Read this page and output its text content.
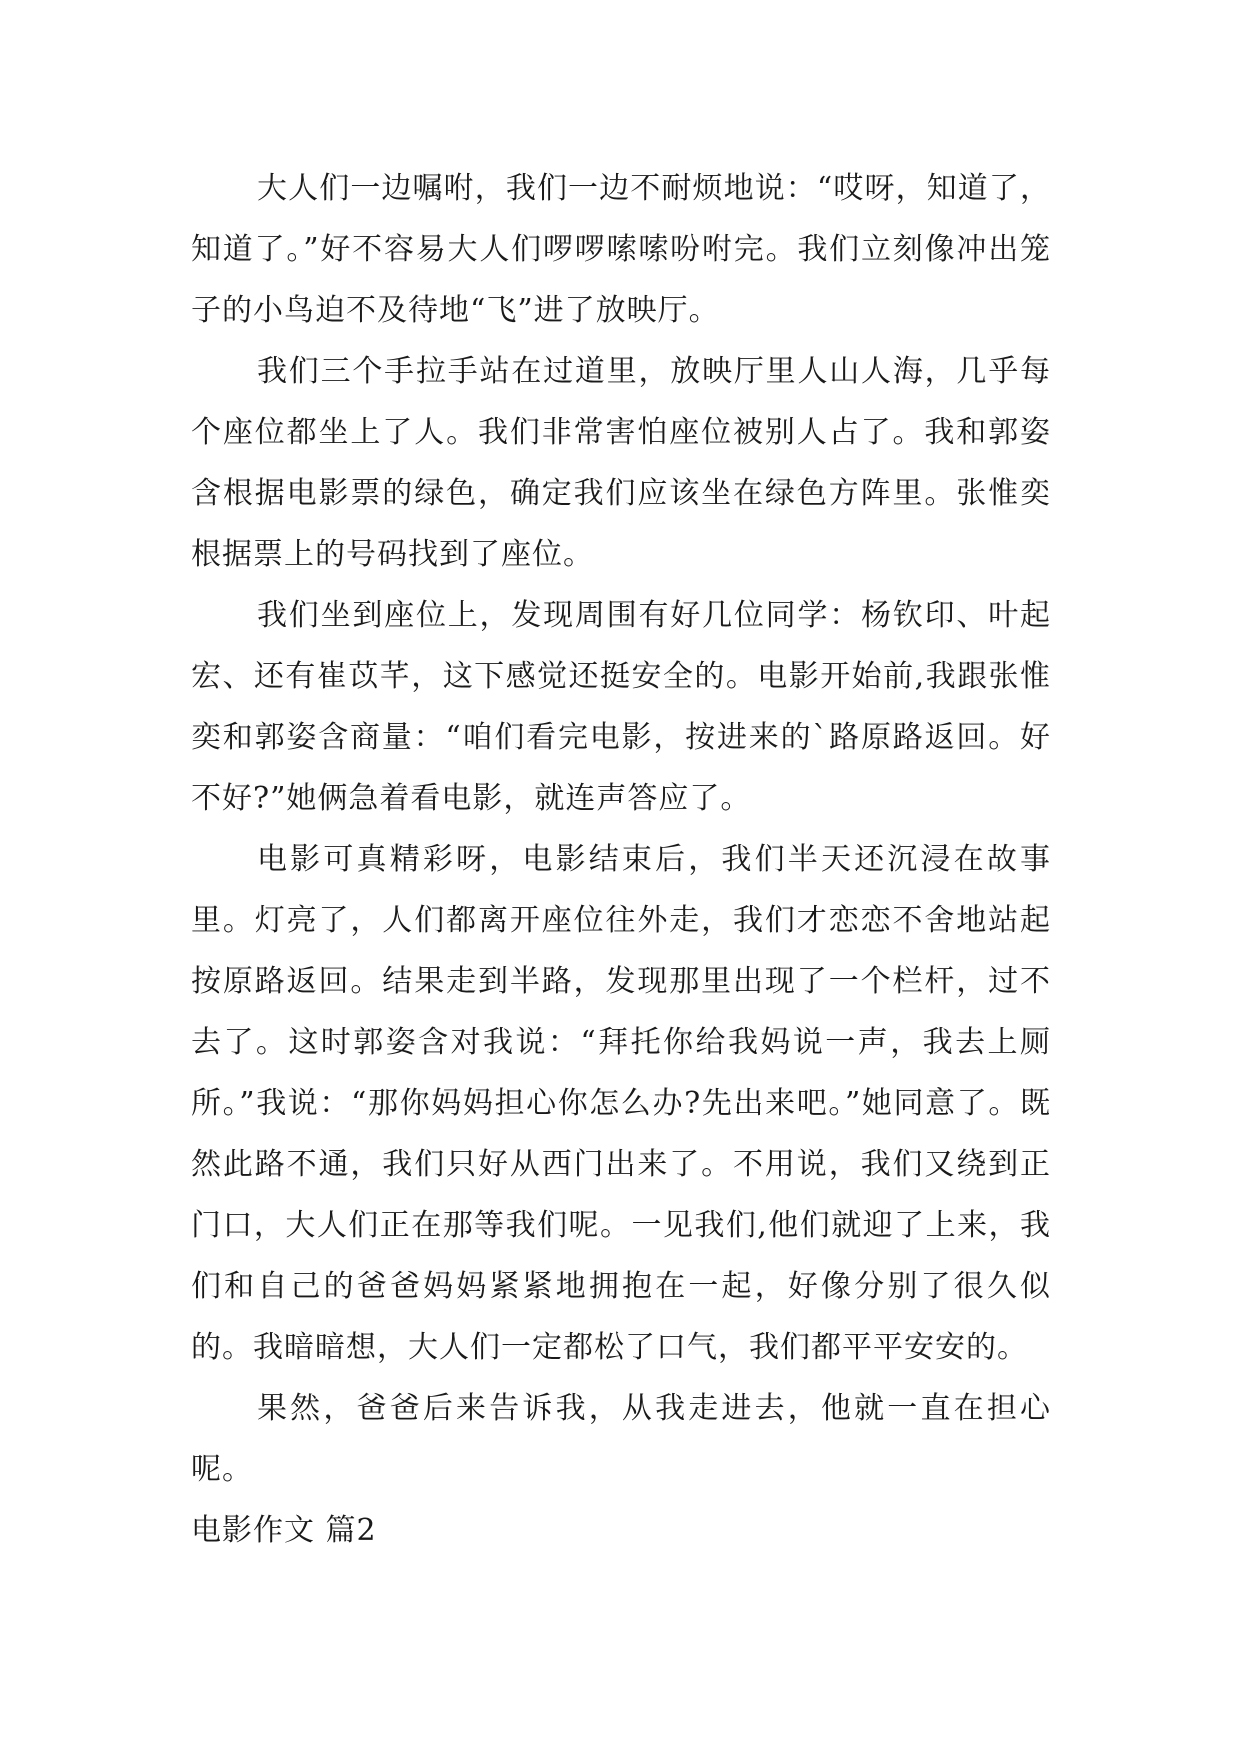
大人们一边嘱咐，我们一边不耐烦地说：“哎呀，知道了，知道了。”好不容易大人们啰啰嗦嗦吩咐完。我们立刻像冲出笼子的小鸟迫不及待地“飞”进了放映厅。

我们三个手拉手站在过道里，放映厅里人山人海，几乎每个座位都坐上了人。我们非常害怕座位被别人占了。我和郭姿含根据电影票的绿色，确定我们应该坐在绿色方阵里。张惟奕根据票上的号码找到了座位。

我们坐到座位上，发现周围有好几位同学：杨钦印、叶起宏、还有崔苡芊，这下感觉还挺安全的。电影开始前,我跟张惟奕和郭姿含商量：“咱们看完电影，按进来的`路原路返回。好不好?”她俩急着看电影，就连声答应了。

电影可真精彩呀，电影结束后，我们半天还沉浸在故事里。灯亮了，人们都离开座位往外走，我们才恋恋不舍地站起按原路返回。结果走到半路，发现那里出现了一个栏杆，过不去了。这时郭姿含对我说：“拜托你给我妈说一声，我去上厕所。”我说：“那你妈妈担心你怎么办?先出来吧。”她同意了。既然此路不通，我们只好从西门出来了。不用说，我们又绕到正门口，大人们正在那等我们呢。一见我们,他们就迎了上来，我们和自己的爸爸妈妈紧紧地拥抱在一起，好像分别了很久似的。我暗暗想，大人们一定都松了口气，我们都平平安安的。

果然，爸爸后来告诉我，从我走进去，他就一直在担心呢。

电影作文 篇2
